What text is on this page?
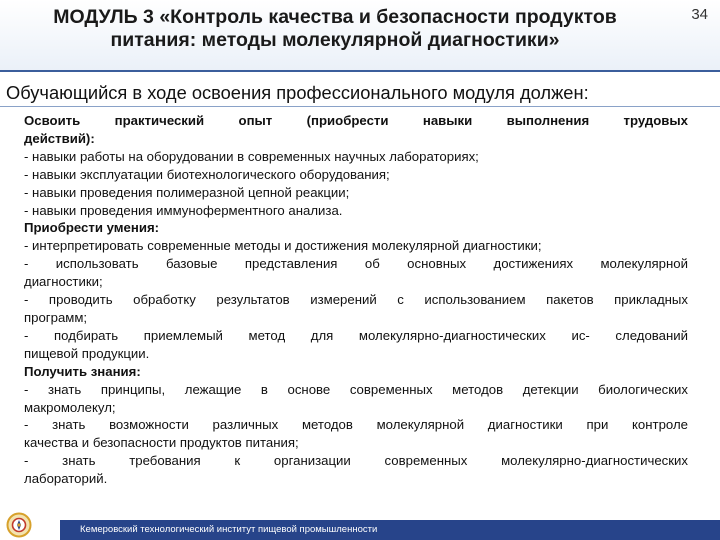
МОДУЛЬ 3 «Контроль качества и безопасности продуктов
питания: методы молекулярной диагностики»
34
Обучающийся в ходе освоения профессионального модуля должен:
Освоить практический опыт (приобрести навыки выполнения трудовых
действий):
- навыки работы на оборудовании в современных научных лабораториях;
- навыки эксплуатации биотехнологического оборудования;
- навыки проведения полимеразной цепной реакции;
- навыки проведения иммуноферментного анализа.
Приобрести умения:
- интерпретировать современные методы и достижения молекулярной диагностики;
- использовать базовые представления об основных достижениях молекулярной
диагностики;
- проводить обработку результатов измерений с использованием пакетов прикладных
программ;
- подбирать приемлемый метод для молекулярно-диагностических ис- следований
пищевой продукции.
Получить знания:
- знать принципы, лежащие в основе современных методов детекции биологических
макромолекул;
- знать возможности различных методов молекулярной диагностики при контроле
качества и безопасности продуктов питания;
- знать требования к организации современных молекулярно-диагностических
лабораторий.
Кемеровский технологический институт пищевой промышленности
